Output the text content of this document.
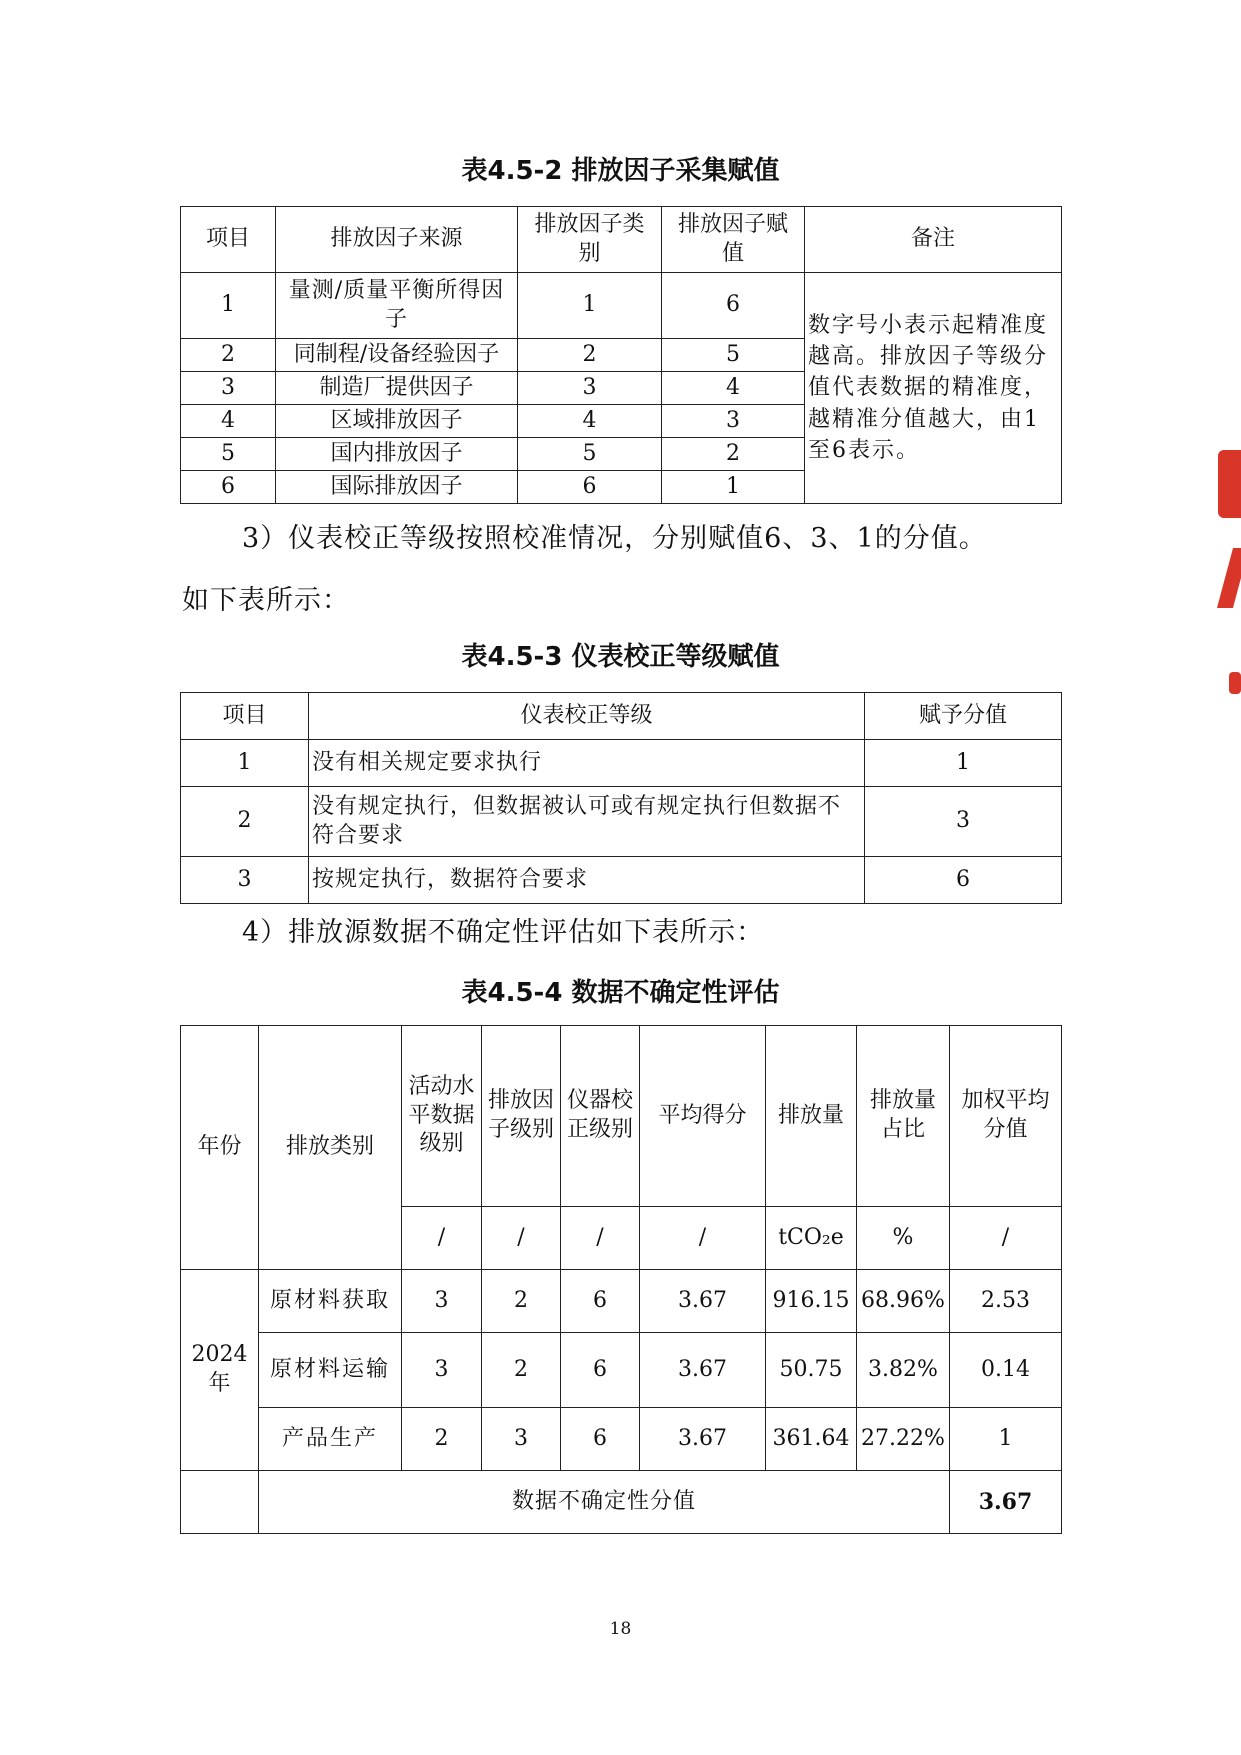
表4.5-2 排放因子采集赋值
项目	排放因子来源	排放因子类别	排放因子赋值	备注
1	量测/质量平衡所得因子	1	6	数字号小表示起精准度越高。排放因子等级分值代表数据的精准度，越精准分值越大，由1至6表示。
2	同制程/设备经验因子	2	5	
3	制造厂提供因子	3	4	
4	区域排放因子	4	3	
5	国内排放因子	5	2	
6	国际排放因子	6	1	
3）仪表校正等级按照校准情况，分别赋值6、3、1的分值。
如下表所示：
表4.5-3 仪表校正等级赋值
项目	仪表校正等级	赋予分值
1	没有相关规定要求执行	1
2	没有规定执行，但数据被认可或有规定执行但数据不符合要求	3
3	按规定执行，数据符合要求	6
4）排放源数据不确定性评估如下表所示：
表4.5-4 数据不确定性评估
年份	排放类别	活动水平数据级别	排放因子级别	仪器校正级别	平均得分	排放量	排放量占比	加权平均分值
		/	/	/	/	tCO₂e	%	/
2024年	原材料获取	3	2	6	3.67	916.15	68.96%	2.53
	原材料运输	3	2	6	3.67	50.75	3.82%	0.14
	产品生产	2	3	6	3.67	361.64	27.22%	1
	数据不确定性分值							3.67
18
